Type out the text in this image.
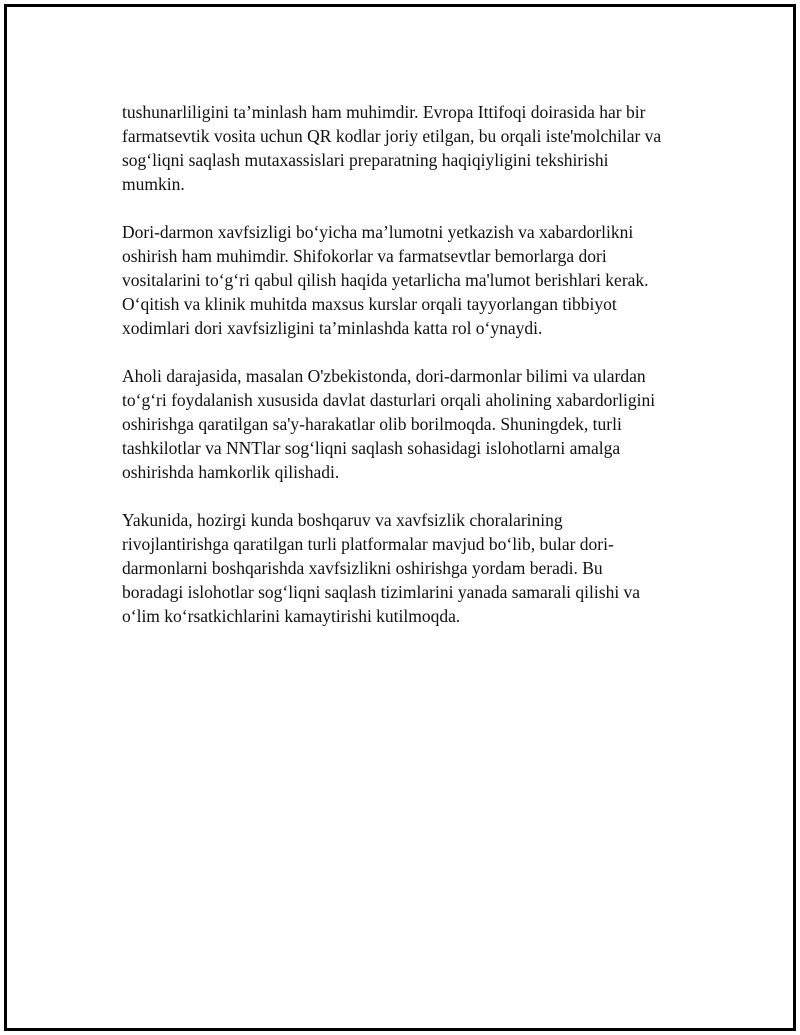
tushunarliligini ta’minlash ham muhimdir. Evropa Ittifoqi doirasida har bir
farmatsevtik vosita uchun QR kodlar joriy etilgan, bu orqali iste'molchilar va
sog‘liqni saqlash mutaxassislari preparatning haqiqiyligini tekshirishi
mumkin.

Dori-darmon xavfsizligi bo‘yicha ma’lumotni yetkazish va xabardorlikni
oshirish ham muhimdir. Shifokorlar va farmatsevtlar bemorlarga dori
vositalarini to‘g‘ri qabul qilish haqida yetarlicha ma'lumot berishlari kerak.
O‘qitish va klinik muhitda maxsus kurslar orqali tayyorlangan tibbiyot
xodimlari dori xavfsizligini ta’minlashda katta rol o‘ynaydi.

Aholi darajasida, masalan O'zbekistonda, dori-darmonlar bilimi va ulardan
to‘g‘ri foydalanish xususida davlat dasturlari orqali aholining xabardorligini
oshirishga qaratilgan sa'y-harakatlar olib borilmoqda. Shuningdek, turli
tashkilotlar va NNTlar sog‘liqni saqlash sohasidagi islohotlarni amalga
oshirishda hamkorlik qilishadi.

Yakunida, hozirgi kunda boshqaruv va xavfsizlik choralarining
rivojlantirishga qaratilgan turli platformalar mavjud bo‘lib, bular dori-
darmonlarni boshqarishda xavfsizlikni oshirishga yordam beradi. Bu
boradagi islohotlar sog‘liqni saqlash tizimlarini yanada samarali qilishi va
o‘lim ko‘rsatkichlarini kamaytirishi kutilmoqda.
